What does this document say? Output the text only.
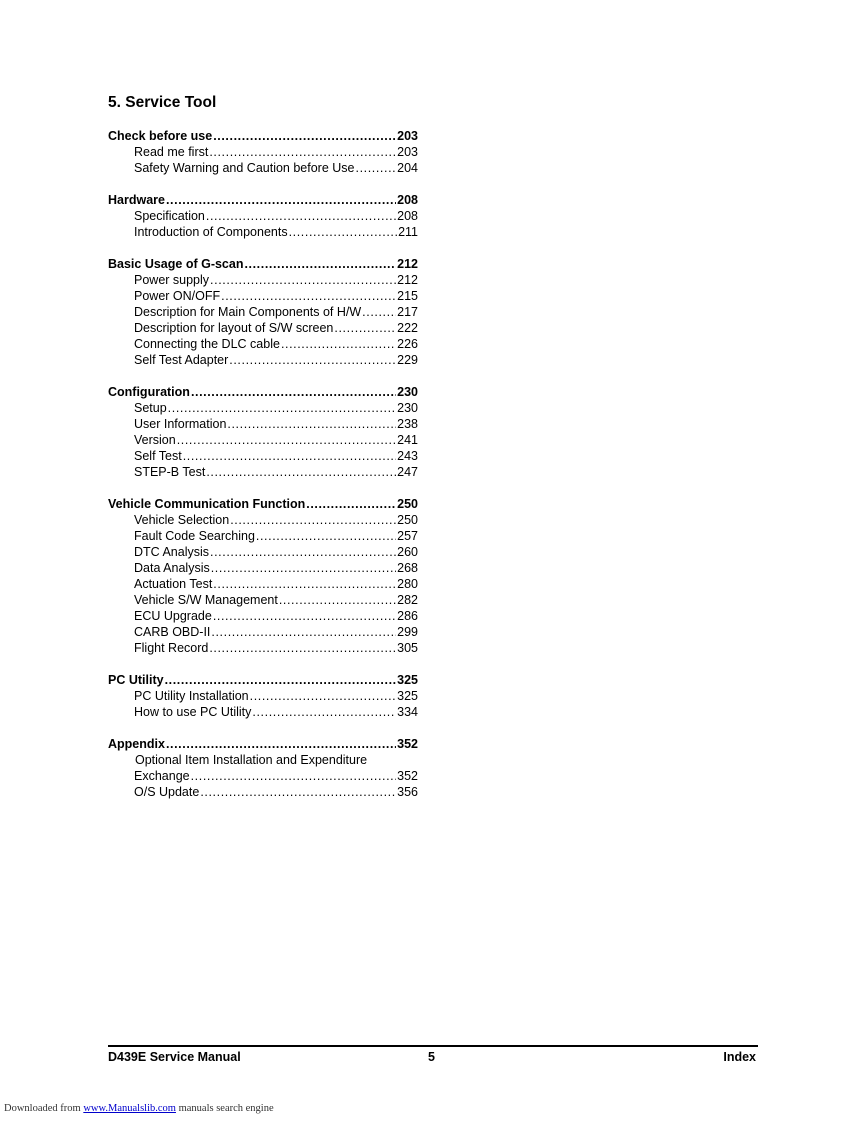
5. Service Tool
Check before use .....	203
Read me first .....	203
Safety Warning and Caution before Use .....	204
Hardware .....	208
Specification .....	208
Introduction of Components .....	211
Basic Usage of G-scan .....	212
Power supply .....	212
Power ON/OFF .....	215
Description for Main Components of H/W .....	217
Description for layout of S/W screen .....	222
Connecting the DLC cable .....	226
Self Test Adapter .....	229
Configuration .....	230
Setup .....	230
User Information .....	238
Version .....	241
Self Test .....	243
STEP-B Test .....	247
Vehicle Communication Function .....	250
Vehicle Selection .....	250
Fault Code Searching .....	257
DTC Analysis .....	260
Data Analysis .....	268
Actuation Test .....	280
Vehicle S/W Management .....	282
ECU Upgrade .....	286
CARB OBD-II .....	299
Flight Record .....	305
PC Utility .....	325
PC Utility Installation .....	325
How to use PC Utility .....	334
Appendix .....	352
Optional Item Installation and Expenditure
Exchange .....	352
O/S Update .....	356
D439E Service Manual	5	Index
Downloaded from www.Manualslib.com manuals search engine
